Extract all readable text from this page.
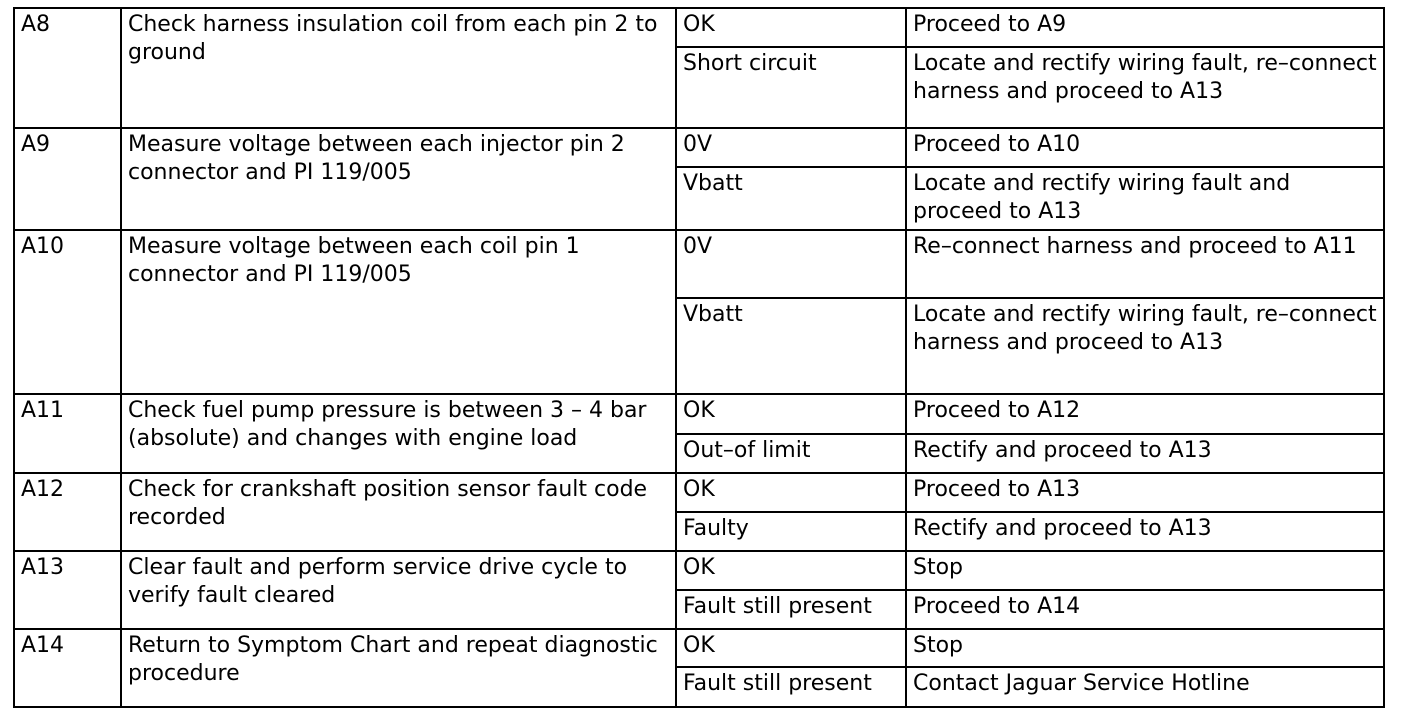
A8	Check harness insulation coil from each pin 2 to ground	OK	Proceed to A9
		Short circuit	Locate and rectify wiring fault, re–connect harness and proceed to A13
A9	Measure voltage between each injector pin 2 connector and PI 119/005	0V	Proceed to A10
		Vbatt	Locate and rectify wiring fault and proceed to A13
A10	Measure voltage between each coil pin 1 connector and PI 119/005	0V	Re–connect harness and proceed to A11
		Vbatt	Locate and rectify wiring fault, re–connect harness and proceed to A13
A11	Check fuel pump pressure is between 3 – 4 bar (absolute) and changes with engine load	OK	Proceed to A12
		Out–of limit	Rectify and proceed to A13
A12	Check for crankshaft position sensor fault code recorded	OK	Proceed to A13
		Faulty	Rectify and proceed to A13
A13	Clear fault and perform service drive cycle to verify fault cleared	OK	Stop
		Fault still present	Proceed to A14
A14	Return to Symptom Chart and repeat diagnostic procedure	OK	Stop
		Fault still present	Contact Jaguar Service Hotline
